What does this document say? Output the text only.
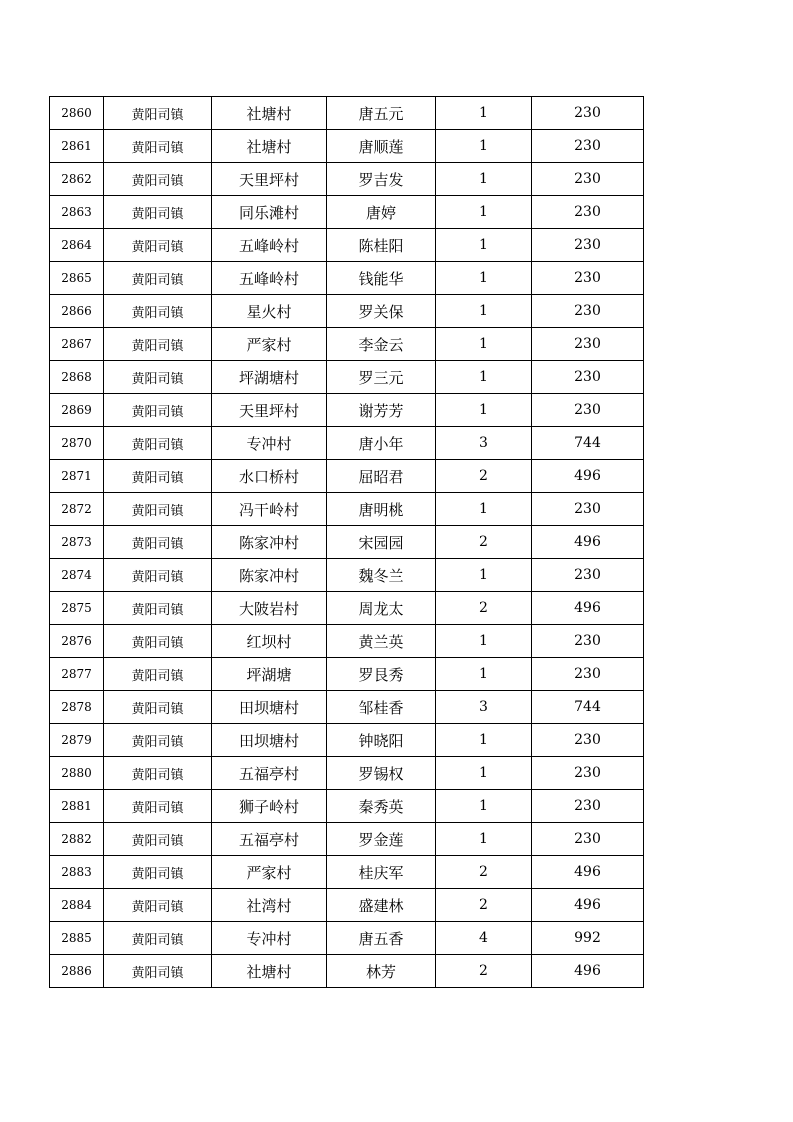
2860	黄阳司镇	社塘村	唐五元	1	230
2861	黄阳司镇	社塘村	唐顺莲	1	230
2862	黄阳司镇	天里坪村	罗吉发	1	230
2863	黄阳司镇	同乐滩村	唐婷	1	230
2864	黄阳司镇	五峰岭村	陈桂阳	1	230
2865	黄阳司镇	五峰岭村	钱能华	1	230
2866	黄阳司镇	星火村	罗关保	1	230
2867	黄阳司镇	严家村	李金云	1	230
2868	黄阳司镇	坪湖塘村	罗三元	1	230
2869	黄阳司镇	天里坪村	谢芳芳	1	230
2870	黄阳司镇	专冲村	唐小年	3	744
2871	黄阳司镇	水口桥村	屈昭君	2	496
2872	黄阳司镇	冯干岭村	唐明桃	1	230
2873	黄阳司镇	陈家冲村	宋园园	2	496
2874	黄阳司镇	陈家冲村	魏冬兰	1	230
2875	黄阳司镇	大陂岩村	周龙太	2	496
2876	黄阳司镇	红坝村	黄兰英	1	230
2877	黄阳司镇	坪湖塘	罗艮秀	1	230
2878	黄阳司镇	田坝塘村	邹桂香	3	744
2879	黄阳司镇	田坝塘村	钟晓阳	1	230
2880	黄阳司镇	五福亭村	罗锡权	1	230
2881	黄阳司镇	狮子岭村	秦秀英	1	230
2882	黄阳司镇	五福亭村	罗金莲	1	230
2883	黄阳司镇	严家村	桂庆军	2	496
2884	黄阳司镇	社湾村	盛建林	2	496
2885	黄阳司镇	专冲村	唐五香	4	992
2886	黄阳司镇	社塘村	林芳	2	496
